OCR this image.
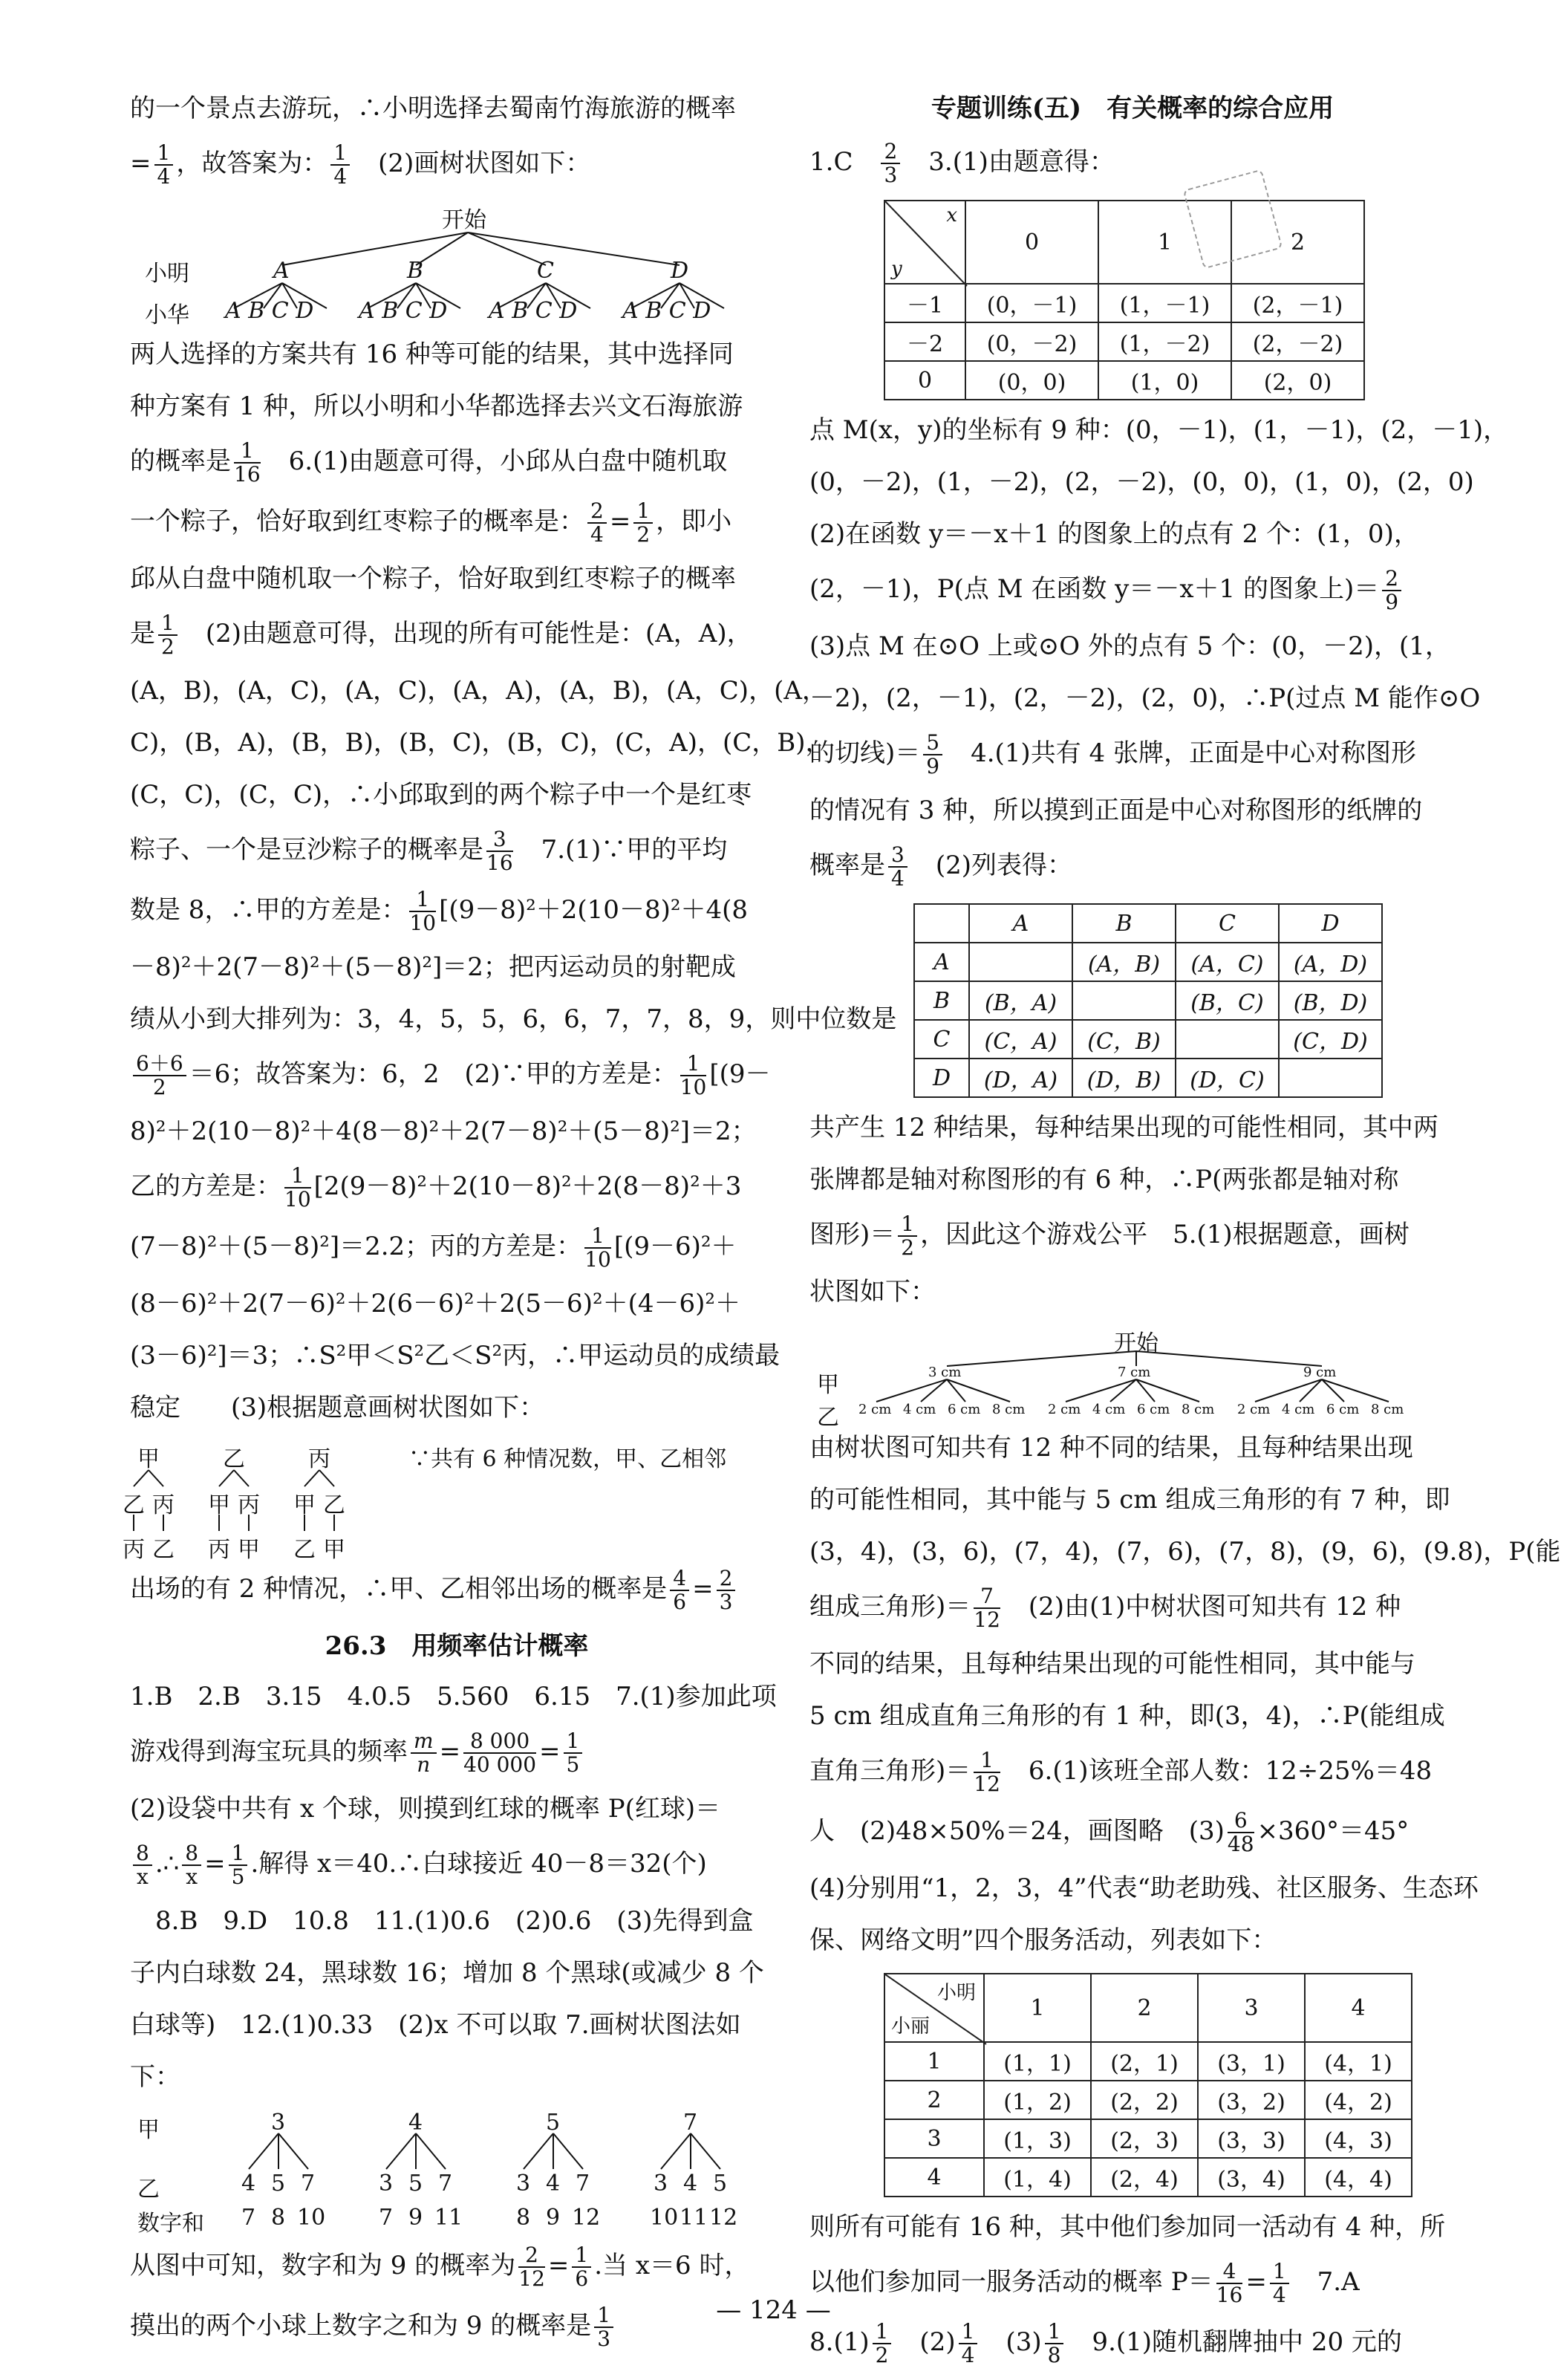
的一个景点去游玩，∴小明选择去蜀南竹海旅游的概率
= $\frac{1}{4}$ ，故答案为： $\frac{1}{4}$ 　(2)画树状图如下：
开始
小明
小华
A	B	C	D
A B C D A B C D A B C D A B C D
两人选择的方案共有 16 种等可能的结果，其中选择同
种方案有 1 种，所以小明和小华都选择去兴文石海旅游
的概率是 $\frac{1}{16}$ 　6.(1)由题意可得，小邱从白盘中随机取
一个粽子，恰好取到红枣粽子的概率是： $\frac{2}{4} = \frac{1}{2}$ ，即小
邱从白盘中随机取一个粽子，恰好取到红枣粽子的概率
是 $\frac{1}{2}$ 　(2)由题意可得，出现的所有可能性是：(A，A)，
(A，B)，(A，C)，(A，C)，(A，A)，(A，B)，(A，C)，(A，
C)，(B，A)，(B，B)，(B，C)，(B，C)，(C，A)，(C，B)，
(C，C)，(C，C)，∴小邱取到的两个粽子中一个是红枣
粽子、一个是豆沙粽子的概率是 $\frac{3}{16}$ 　7.(1)∵甲的平均
数是 8，∴甲的方差是： $\frac{1}{10} [(9-8)^2+2(10-8)^2+4(8$
－8)²＋2(7－8)²＋(5－8)²]＝2；把丙运动员的射靶成
绩从小到大排列为：3，4，5，5，6，6，7，7，8，9，则中位数是
$\frac{6+6}{2} =6$；故答案为：6，2　(2)∵甲的方差是： $\frac{1}{10} [(9-$
8)²＋2(10－8)²＋4(8－8)²＋2(7－8)²＋(5－8)²]＝2；
乙的方差是： $\frac{1}{10} [2(9-8)^2+2(10-8)^2+2(8-8)^2+3$
(7－8)²＋(5－8)²]＝2.2；丙的方差是： $\frac{1}{10} [(9-6)^2+$
(8－6)²＋2(7－6)²＋2(6－6)²＋2(5－6)²＋(4－6)²＋
(3－6)²]＝3；∴S²甲＜S²乙＜S²丙，∴甲运动员的成绩最
稳定　　(3)根据题意画树状图如下：
甲	乙	丙
乙 丙 甲 丙 甲 乙
丙 乙 丙 甲 乙 甲
∵共有 6 种情况数，甲、乙相邻
出场的有 2 种情况，∴甲、乙相邻出场的概率是 $\frac{4}{6} = \frac{2}{3}$
26.3　用频率估计概率
1.B　2.B　3.15　4.0.5　5.560　6.15　7.(1)参加此项
游戏得到海宝玩具的频率 $\frac{m}{n} = \frac{8 000}{40 000} = \frac{1}{5}$
(2)设袋中共有 x 个球，则摸到红球的概率 P(红球)＝
$\frac{8}{x}$ .∴ $\frac{8}{x} = \frac{1}{5}$ .解得 x＝40.∴白球接近 40－8＝32(个)
　8.B　9.D　10.8　11.(1)0.6　(2)0.6　(3)先得到盒
子内白球数 24，黑球数 16；增加 8 个黑球(或减少 8 个
白球等)　12.(1)0.33　(2)x 不可以取 7.画树状图法如
下：
甲
乙
数字和
3	4	5	7
4 5 7	3 5 7	3 4 7	3 4 5
7 8 10 7 9 11 8 9 12 10 11 12
从图中可知，数字和为 9 的概率为 $\frac{2}{12} = \frac{1}{6}$ .当 x＝6 时，
摸出的两个小球上数字之和为 9 的概率是 $\frac{1}{3}$
专题训练(五)　有关概率的综合应用
1.C　 $\frac{2}{3}$ 　3.(1)由题意得：
x
y	0	1	2
－1	(0，－1)	(1，－1)	(2，－1)
－2	(0，－2)	(1，－2)	(2，－2)
0	(0，0)	(1，0)	(2，0)
点 M(x，y)的坐标有 9 种：(0，－1)，(1，－1)，(2，－1)，
(0，－2)，(1，－2)，(2，－2)，(0，0)，(1，0)，(2，0)
(2)在函数 y＝－x＋1 的图象上的点有 2 个：(1，0)，
(2，－1)，P(点 M 在函数 y＝－x＋1 的图象上)＝ $\frac{2}{9}$
(3)点 M 在⊙O 上或⊙O 外的点有 5 个：(0，－2)，(1，
－2)，(2，－1)，(2，－2)，(2，0)，∴P(过点 M 能作⊙O
的切线)＝ $\frac{5}{9}$ 　4.(1)共有 4 张牌，正面是中心对称图形
的情况有 3 种，所以摸到正面是中心对称图形的纸牌的
概率是 $\frac{3}{4}$ 　(2)列表得：
	A	B	C	D
A		(A，B)	(A，C)	(A，D)
B	(B，A)		(B，C)	(B，D)
C	(C，A)	(C，B)		(C，D)
D	(D，A)	(D，B)	(D，C)	
共产生 12 种结果，每种结果出现的可能性相同，其中两
张牌都是轴对称图形的有 6 种，∴P(两张都是轴对称
图形)＝ $\frac{1}{2}$ ，因此这个游戏公平　5.(1)根据题意，画树
状图如下：
开始
甲
乙
3 cm	7 cm	9 cm
2 cm 4 cm 6 cm 8 cm 2 cm 4 cm 6 cm 8 cm 2 cm 4 cm 6 cm 8 cm
由树状图可知共有 12 种不同的结果，且每种结果出现
的可能性相同，其中能与 5 cm 组成三角形的有 7 种，即
(3，4)，(3，6)，(7，4)，(7，6)，(7，8)，(9，6)，(9.8)，P(能
组成三角形)＝ $\frac{7}{12}$ 　(2)由(1)中树状图可知共有 12 种
不同的结果，且每种结果出现的可能性相同，其中能与
5 cm 组成直角三角形的有 1 种，即(3，4)，∴P(能组成
直角三角形)＝ $\frac{1}{12}$ 　6.(1)该班全部人数：12÷25%＝48
人　(2)48×50%＝24，画图略　$(3) \frac{6}{48} \times 360^\circ=45^\circ$
(4)分别用“1，2，3，4”代表“助老助残、社区服务、生态环
保、网络文明”四个服务活动，列表如下：
小明
小丽	1	2	3	4
1	(1，1)	(2，1)	(3，1)	(4，1)
2	(1，2)	(2，2)	(3，2)	(4，2)
3	(1，3)	(2，3)	(3，3)	(4，3)
4	(1，4)	(2，4)	(3，4)	(4，4)
则所有可能有 16 种，其中他们参加同一活动有 4 种，所
以他们参加同一服务活动的概率 $P= \frac{4}{16} = \frac{1}{4}$ 　7.A
$8.(1) \frac{1}{2}$ 　$(2) \frac{1}{4}$ 　$(3) \frac{1}{8}$ 　9.(1)随机翻牌抽中 20 元的
— 124 —
